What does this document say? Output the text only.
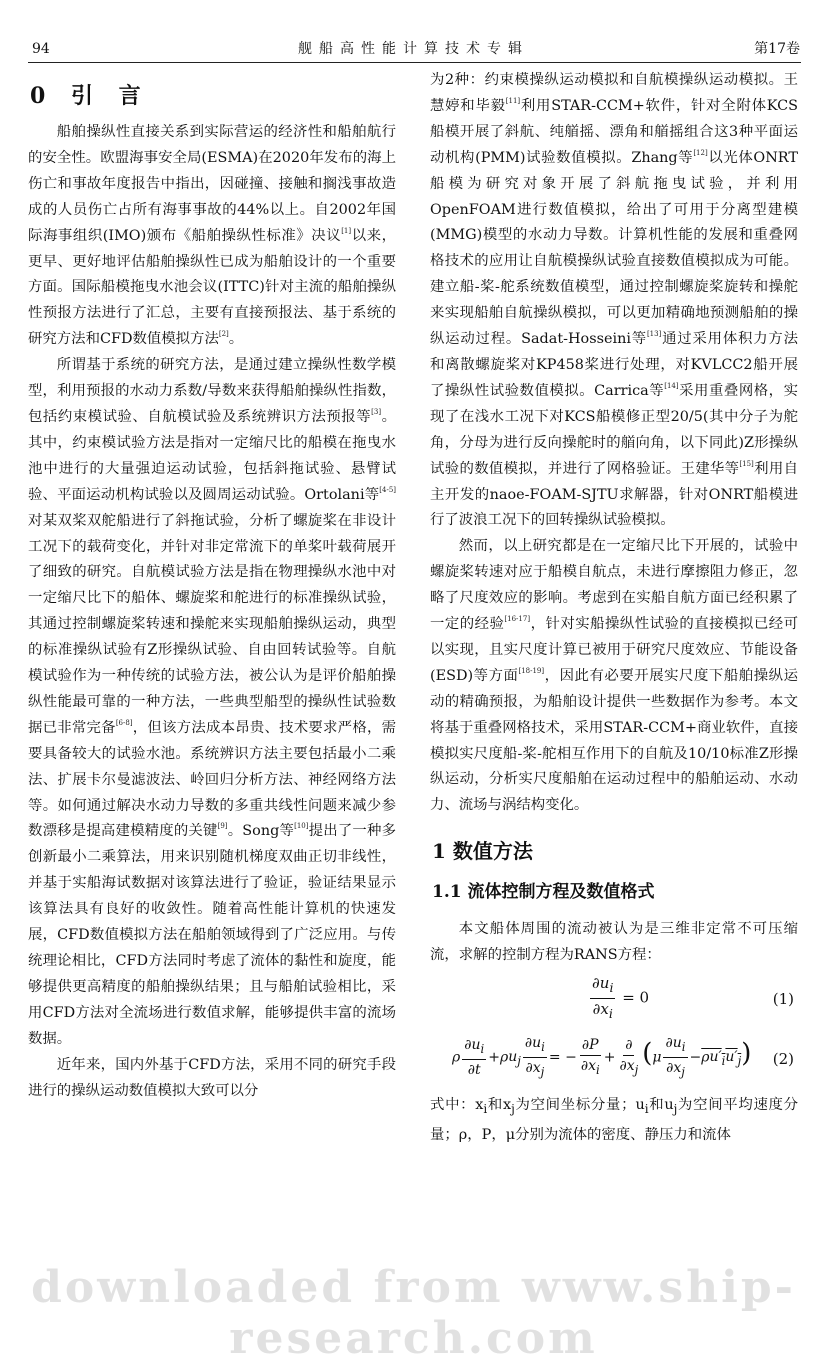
94	舰船高性能计算技术专辑	第17卷
0 引 言

船舶操纵性直接关系到实际营运的经济性和船舶航行的安全性。欧盟海事安全局(ESMA)在2020年发布的海上伤亡和事故年度报告中指出，因碰撞、接触和搁浅事故造成的人员伤亡占所有海事事故的44%以上。自2002年国际海事组织(IMO)颁布《船舶操纵性标准》决议[1]以来，更早、更好地评估船舶操纵性已成为船舶设计的一个重要方面。国际船模拖曳水池会议(ITTC)针对主流的船舶操纵性预报方法进行了汇总，主要有直接预报法、基于系统的研究方法和CFD数值模拟方法[2]。

所谓基于系统的研究方法，是通过建立操纵性数学模型，利用预报的水动力系数/导数来获得船舶操纵性指数，包括约束模试验、自航模试验及系统辨识方法预报等[3]。其中，约束模试验方法是指对一定缩尺比的船模在拖曳水池中进行的大量强迫运动试验，包括斜拖试验、悬臂试验、平面运动机构试验以及圆周运动试验。Ortolani等[4-5]对某双桨双舵船进行了斜拖试验，分析了螺旋桨在非设计工况下的载荷变化，并针对非定常流下的单桨叶载荷展开了细致的研究。自航模试验方法是指在物理操纵水池中对一定缩尺比下的船体、螺旋桨和舵进行的标准操纵试验，其通过控制螺旋桨转速和操舵来实现船舶操纵运动，典型的标准操纵试验有Z形操纵试验、自由回转试验等。自航模试验作为一种传统的试验方法，被公认为是评价船舶操纵性能最可靠的一种方法，一些典型船型的操纵性试验数据已非常完备[6-8]，但该方法成本昂贵、技术要求严格，需要具备较大的试验水池。系统辨识方法主要包括最小二乘法、扩展卡尔曼滤波法、岭回归分析方法、神经网络方法等。如何通过解决水动力导数的多重共线性问题来减少参数漂移是提高建模精度的关键[9]。Song等[10]提出了一种多创新最小二乘算法，用来识别随机梯度双曲正切非线性，并基于实船海试数据对该算法进行了验证，验证结果显示该算法具有良好的收敛性。随着高性能计算机的快速发展，CFD数值模拟方法在船舶领域得到了广泛应用。与传统理论相比，CFD方法同时考虑了流体的黏性和旋度，能够提供更高精度的船舶操纵结果；且与船舶试验相比，采用CFD方法对全流场进行数值求解，能够提供丰富的流场数据。

近年来，国内外基于CFD方法，采用不同的研究手段进行的操纵运动数值模拟大致可以分

为2种：约束模操纵运动模拟和自航模操纵运动模拟。王慧婷和毕毅[11]利用STAR-CCM+软件，针对全附体KCS船模开展了斜航、纯艏摇、漂角和艏摇组合这3种平面运动机构(PMM)试验数值模拟。Zhang等[12]以光体ONRT船模为研究对象开展了斜航拖曳试验，并利用OpenFOAM进行数值模拟，给出了可用于分离型建模(MMG)模型的水动力导数。计算机性能的发展和重叠网格技术的应用让自航模操纵试验直接数值模拟成为可能。建立船-桨-舵系统数值模型，通过控制螺旋桨旋转和操舵来实现船舶自航操纵模拟，可以更加精确地预测船舶的操纵运动过程。Sadat-Hosseini等[13]通过采用体积力方法和离散螺旋桨对KP458桨进行处理，对KVLCC2船开展了操纵性试验数值模拟。Carrica等[14]采用重叠网格，实现了在浅水工况下对KCS船模修正型20/5(其中分子为舵角，分母为进行反向操舵时的艏向角，以下同此)Z形操纵试验的数值模拟，并进行了网格验证。王建华等[15]利用自主开发的naoe-FOAM-SJTU求解器，针对ONRT船模进行了波浪工况下的回转操纵试验模拟。

然而，以上研究都是在一定缩尺比下开展的，试验中螺旋桨转速对应于船模自航点，未进行摩擦阻力修正，忽略了尺度效应的影响。考虑到在实船自航方面已经积累了一定的经验[16-17]，针对实船操纵性试验的直接模拟已经可以实现，且实尺度计算已被用于研究尺度效应、节能设备(ESD)等方面[18-19]，因此有必要开展实尺度下船舶操纵运动的精确预报，为船舶设计提供一些数据作为参考。本文将基于重叠网格技术，采用STAR-CCM+商业软件，直接模拟实尺度船-桨-舵相互作用下的自航及10/10标准Z形操纵运动，分析实尺度船舶在运动过程中的船舶运动、水动力、流场与涡结构变化。

1 数值方法
1.1 流体控制方程及数值格式

本文船体周围的流动被认为是三维非定常不可压缩流，求解的控制方程为RANS方程：

$\frac{\partial u_i}{\partial x_i} = 0$	(1)
ρ $\frac{\partial u_i}{\partial t} +\rho u_j \frac{\partial u_i}{\partial x_j}$ = − $\frac{\partial P}{\partial x_i} + \frac{\partial}{\partial x_j} (\mu \frac{\partial u_i}{\partial x_j} -\rho u'_iu'_j)$ (2)

式中：$x_i$和$x_j$为空间坐标分量；$u_i$和$u_j$为空间平均速度分量；ρ，P，μ分别为流体的密度、静压力和流体

downloaded from www.ship-research.com
